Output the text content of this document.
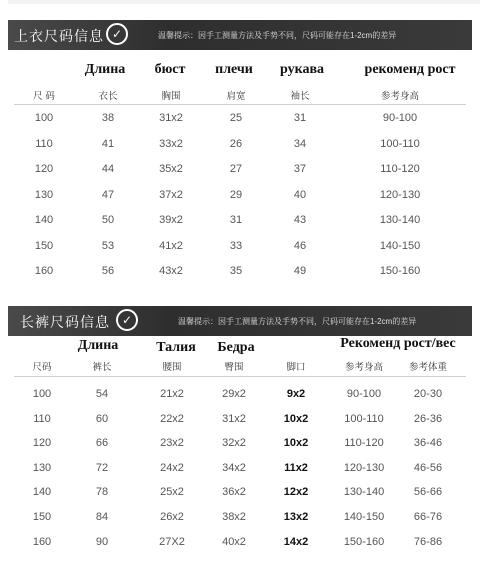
上衣尺码信息 ✓	温馨提示：因手工测量方法及手势不同，尺码可能存在1-2cm的差异
Длина бюст плечи рукава	рекоменд рост
尺 码	衣长	胸围	肩宽	袖长	参考身高
100	38	31x2	25	31	90-100
110	41	33x2	26	34	100-110
120	44	35x2	27	37	110-120
130	47	37x2	29	40	120-130
140	50	39x2	31	43	130-140
150	53	41x2	33	46	140-150
160	56	43x2	35	49	150-160
长裤尺码信息 ✓	温馨提示：因手工测量方法及手势不同，尺码可能存在1-2cm的差异
Длина	Талия Бедра	Рекоменд рост/вес
尺码	裤长	腰围	臀围	脚口	参考身高	参考体重
100	54	21x2	29x2	9x2	90-100	20-30
110	60	22x2	31x2	10x2	100-110	26-36
120	66	23x2	32x2	10x2	110-120	36-46
130	72	24x2	34x2	11x2	120-130	46-56
140	78	25x2	36x2	12x2	130-140	56-66
150	84	26x2	38x2	13x2	140-150	66-76
160	90	27X2	40x2	14x2	150-160	76-86
